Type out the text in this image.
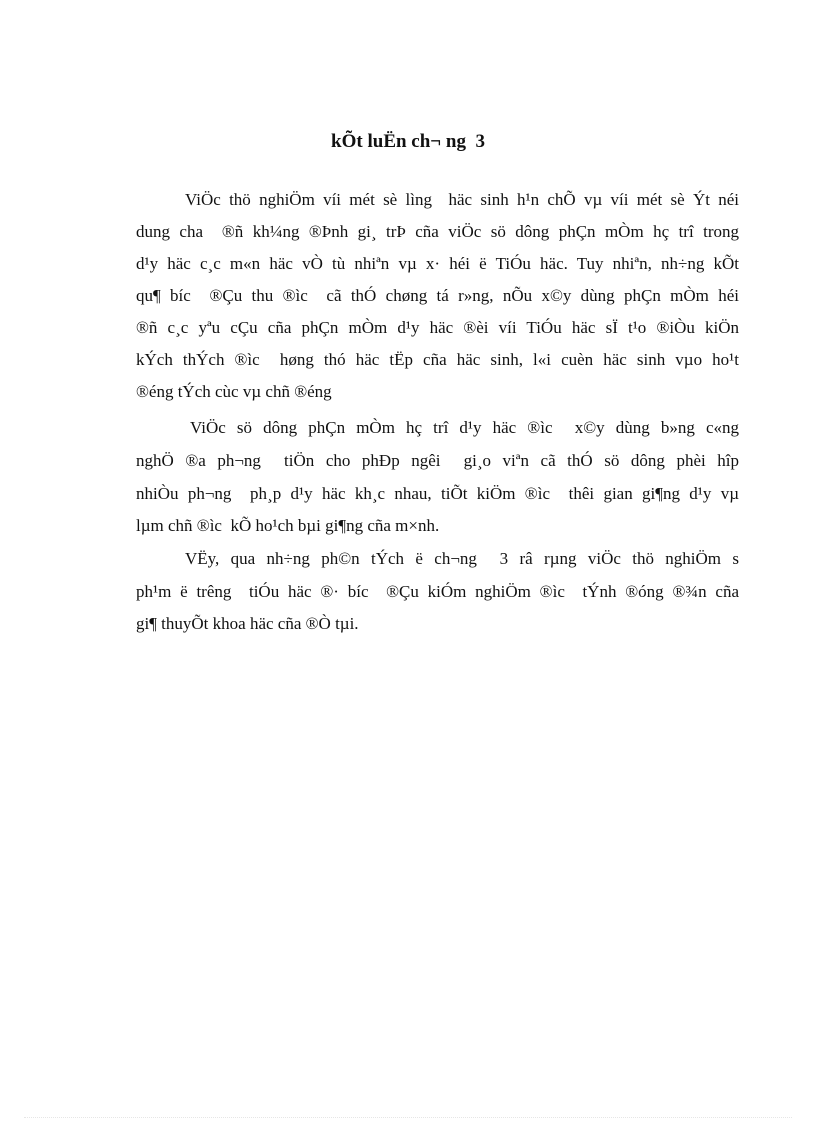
kÕt luËn ch¬ ng  3
ViÖc thö nghiÖm víi mét sè lìng  häc sinh h¹n chÕ vµ víi mét sè Ýt néi
dung cha  ®ñ kh¼ng ®Þnh gi¸ trÞ cña viÖc sö dông phÇn mÒm hç trî trong
d¹y häc c¸c m«n häc vÒ tù nhiªn vµ x· héi ë TiÓu häc. Tuy nhiªn, nh÷ng kÕt
qu¶ bíc  ®Çu thu ®ìc  cã thÓ chøng tá r»ng, nÕu x©y dùng phÇn mÒm héi
®ñ c¸c yªu cÇu cña phÇn mÒm d¹y häc ®èi víi TiÓu häc sÏ t¹o ®iÒu kiÖn
kÝch thÝch ®ìc  høng thó häc tËp cña häc sinh, l«i cuèn häc sinh vµo ho¹t
®éng tÝch cùc vµ chñ ®éng
ViÖc sö dông phÇn mÒm hç trî d¹y häc ®ìc  x©y dùng b»ng c«ng
nghÖ ®a ph¬ng  tiÖn cho phÐp ngêi  gi¸o viªn cã thÓ sö dông phèi hîp
nhiÒu ph¬ng  ph¸p d¹y häc kh¸c nhau, tiÕt kiÖm ®ìc  thêi gian gi¶ng d¹y vµ
lµm chñ ®ìc  kÕ ho¹ch bµi gi¶ng cña m×nh.
VËy, qua nh÷ng ph©n tÝch ë ch¬ng  3 râ rµng viÖc thö nghiÖm s
ph¹m ë trêng  tiÓu häc ®· bíc  ®Çu kiÓm nghiÖm ®ìc  tÝnh ®óng ®¾n cña
gi¶ thuyÕt khoa häc cña ®Ò tµi.
